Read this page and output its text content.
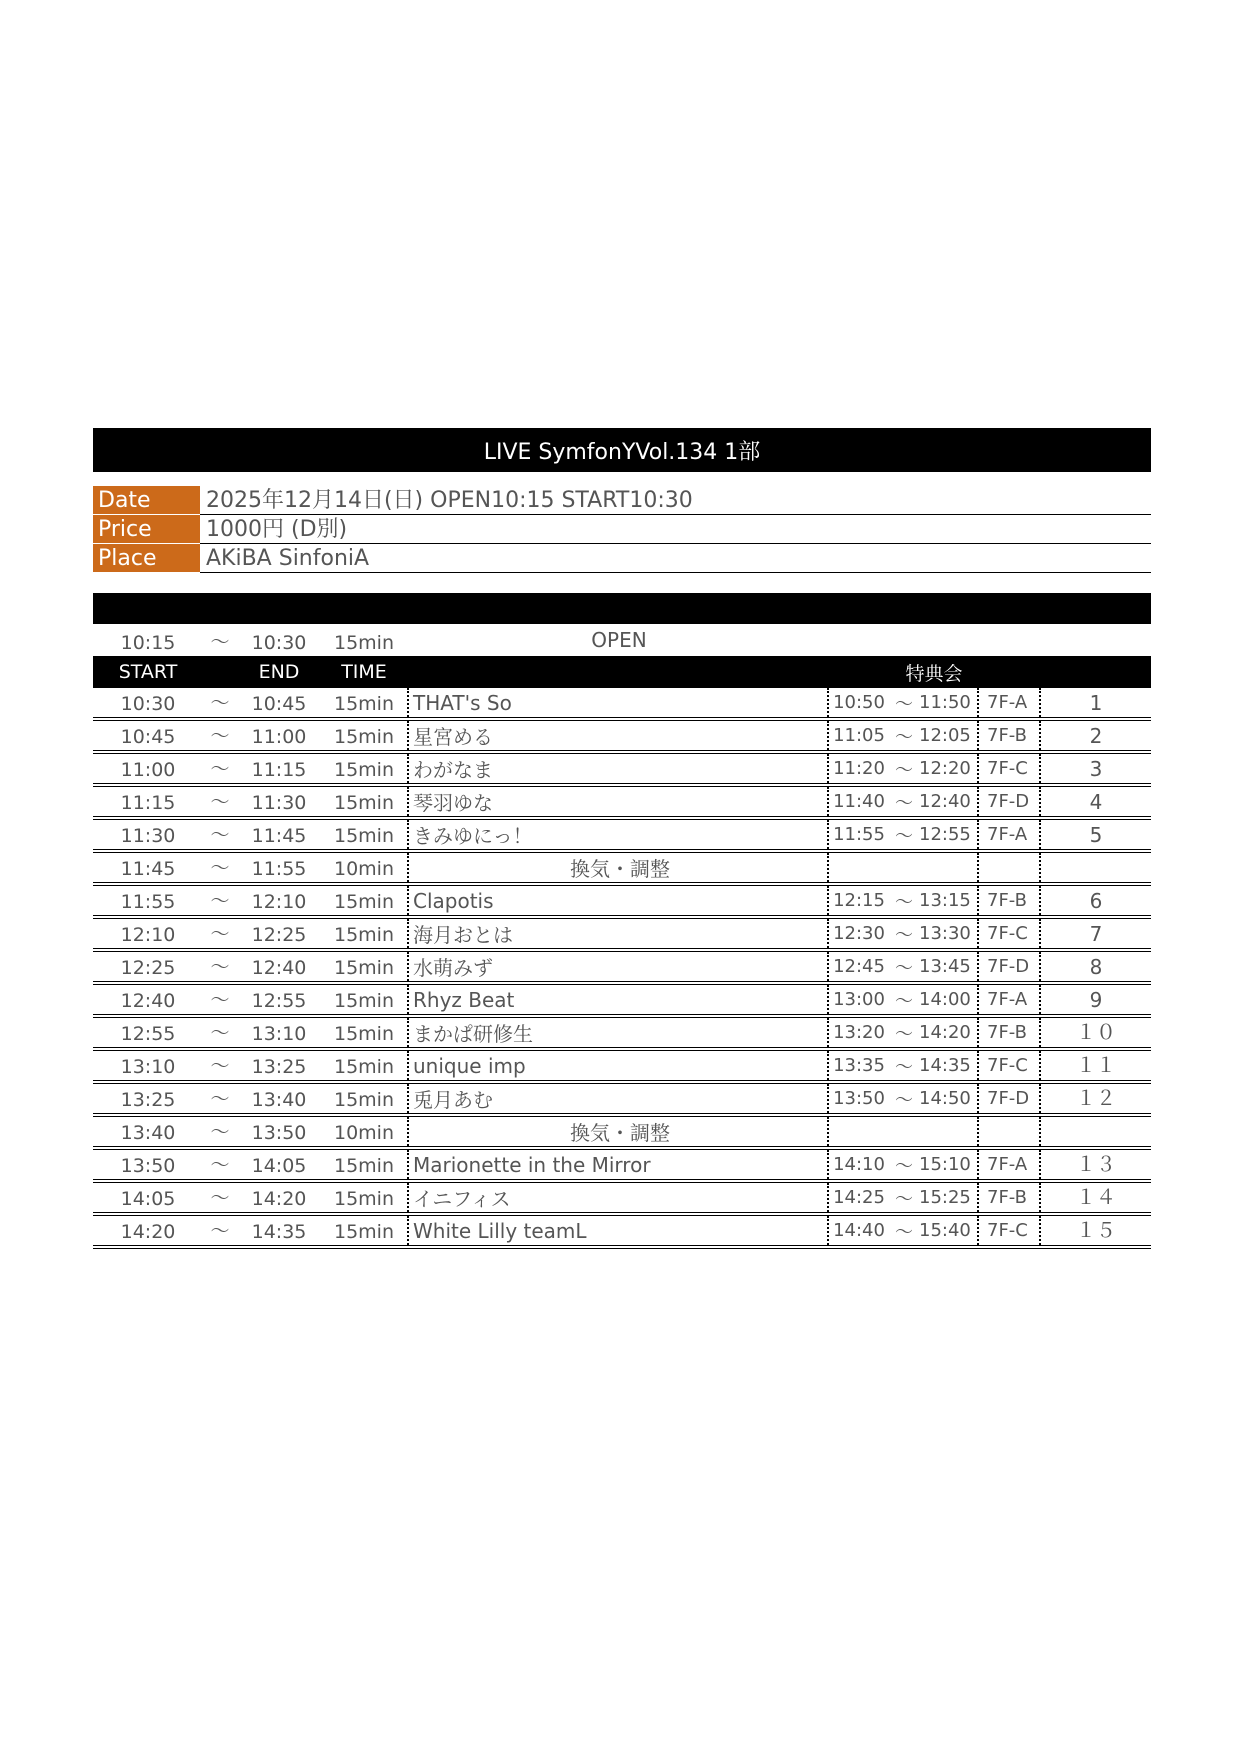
LIVE SymfonYVol.134 1部
Date	2025年12月14日(日) OPEN10:15 START10:30
Price	1000円 (D別)
Place	AKiBA SinfoniA
10:15	〜	10:30	15min	OPEN
START	END	TIME	特典会
10:30	〜	10:45	15min THAT's So	10:50 〜 11:50 7F-A	1
10:45	〜	11:00	15min 星宮める	11:05 〜 12:05 7F-B	2
11:00	〜	11:15	15min わがなま	11:20 〜 12:20 7F-C	3
11:15	〜	11:30	15min 琴羽ゆな	11:40 〜 12:40 7F-D	4
11:30	〜	11:45	15min きみゆにっ！	11:55 〜 12:55 7F-A	5
11:45	〜	11:55	10min	換気・調整
11:55	〜	12:10	15min Clapotis	12:15 〜 13:15 7F-B	6
12:10	〜	12:25	15min 海月おとは	12:30 〜 13:30 7F-C	7
12:25	〜	12:40	15min 水萌みず	12:45 〜 13:45 7F-D	8
12:40	〜	12:55	15min Rhyz Beat	13:00 〜 14:00 7F-A	9
12:55	〜	13:10	15min まかぱ研修生	13:20 〜 14:20 7F-B	１０
13:10	〜	13:25	15min unique imp	13:35 〜 14:35 7F-C	１１
13:25	〜	13:40	15min 兎月あむ	13:50 〜 14:50 7F-D	１２
13:40	〜	13:50	10min	換気・調整
13:50	〜	14:05	15min Marionette in the Mirror	14:10 〜 15:10 7F-A	１３
14:05	〜	14:20	15min イニフィス	14:25 〜 15:25 7F-B	１４
14:20	〜	14:35	15min White Lilly teamL	14:40 〜 15:40 7F-C	１５
